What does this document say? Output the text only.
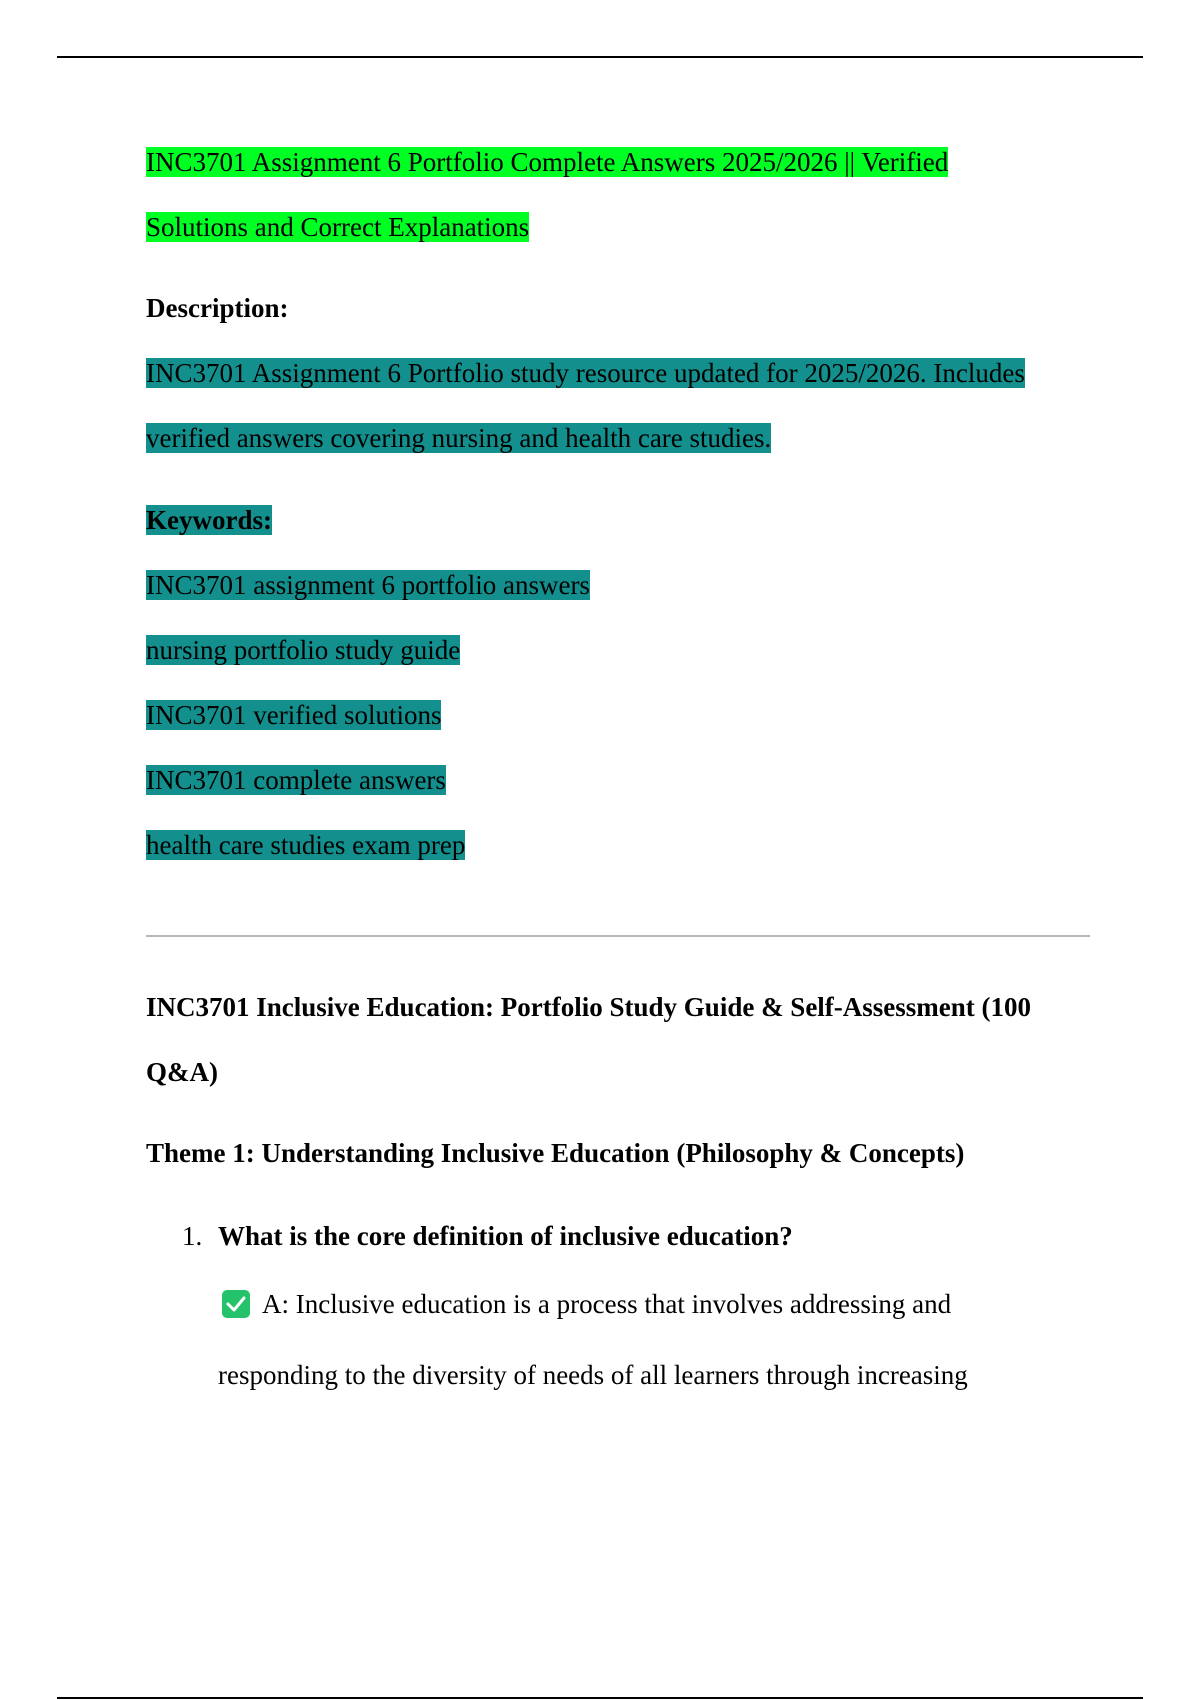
INC3701 Assignment 6 Portfolio Complete Answers 2025/2026 || Verified
Solutions and Correct Explanations
Description:
INC3701 Assignment 6 Portfolio study resource updated for 2025/2026. Includes
verified answers covering nursing and health care studies.
Keywords:
INC3701 assignment 6 portfolio answers
nursing portfolio study guide
INC3701 verified solutions
INC3701 complete answers
health care studies exam prep
INC3701 Inclusive Education: Portfolio Study Guide & Self-Assessment (100
Q&A)
Theme 1: Understanding Inclusive Education (Philosophy & Concepts)
1. What is the core definition of inclusive education?
A: Inclusive education is a process that involves addressing and
responding to the diversity of needs of all learners through increasing
